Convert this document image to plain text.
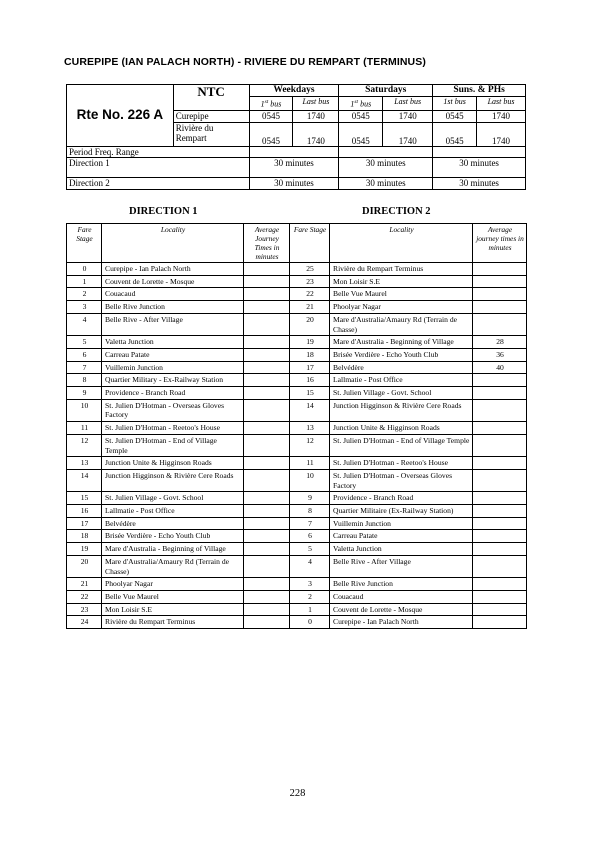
CUREPIPE (IAN PALACH NORTH) - RIVIERE DU REMPART (TERMINUS)
Rte No. 226 A	NTC	Weekdays		Saturdays		Suns. & PHs	
		1st bus	Last bus	1st bus	Last bus	1st bus	Last bus
	Curepipe	0545	1740	0545	1740	0545	1740
	Rivière du Rempart	0545	1740	0545	1740	0545	1740
Period Freq. Range							
Direction 1		30 minutes		30 minutes		30 minutes	
Direction 2		30 minutes		30 minutes		30 minutes	
DIRECTION 1	DIRECTION 2
Fare Stage	Locality	Average Journey Times in minutes	Fare Stage	Locality	Average journey times in minutes
0	Curepipe - Ian Palach North		25	Rivière du Rempart Terminus	
1	Couvent de Lorette - Mosque		23	Mon Loisir S.E	
2	Couacaud		22	Belle Vue Maurel	
3	Belle Rive Junction		21	Phoolyar Nagar	
4	Belle Rive - After Village		20	Mare d'Australia/Amaury Rd (Terrain de Chasse)	
5	Valetta Junction		19	Mare d'Australia - Beginning of Village	28
6	Carreau Patate		18	Brisée Verdière - Echo Youth Club	36
7	Vuillemin Junction		17	Belvédère	40
8	Quartier Military - Ex-Railway Station		16	Lallmatie - Post Office	
9	Providence - Branch Road		15	St. Julien Village - Govt. School	
10	St. Julien D'Hotman - Overseas Gloves Factory		14	Junction Higginson & Rivière Cere Roads	
11	St. Julien D'Hotman - Reetoo's House		13	Junction Unite & Higginson Roads	
12	St. Julien D'Hotman - End of Village Temple		12	St. Julien D'Hotman - End of Village Temple	
13	Junction Unite & Higginson Roads		11	St. Julien D'Hotman - Reetoo's House	
14	Junction Higginson & Rivière Cere Roads		10	St. Julien D'Hotman - Overseas Gloves Factory	
15	St. Julien Village - Govt. School		9	Providence - Branch Road	
16	Lallmatie - Post Office		8	Quartier Militaire (Ex-Railway Station)	
17	Belvédère		7	Vuillemin Junction	
18	Brisée Verdière - Echo Youth Club		6	Carreau Patate	
19	Mare d'Australia - Beginning of Village		5	Valetta Junction	
20	Mare d'Australia/Amaury Rd (Terrain de Chasse)		4	Belle Rive - After Village	
21	Phoolyar Nagar		3	Belle Rive Junction	
22	Belle Vue Maurel		2	Couacaud	
23	Mon Loisir S.E		1	Couvent de Lorette - Mosque	
24	Rivière du Rempart Terminus		0	Curepipe - Ian Palach North	
228
